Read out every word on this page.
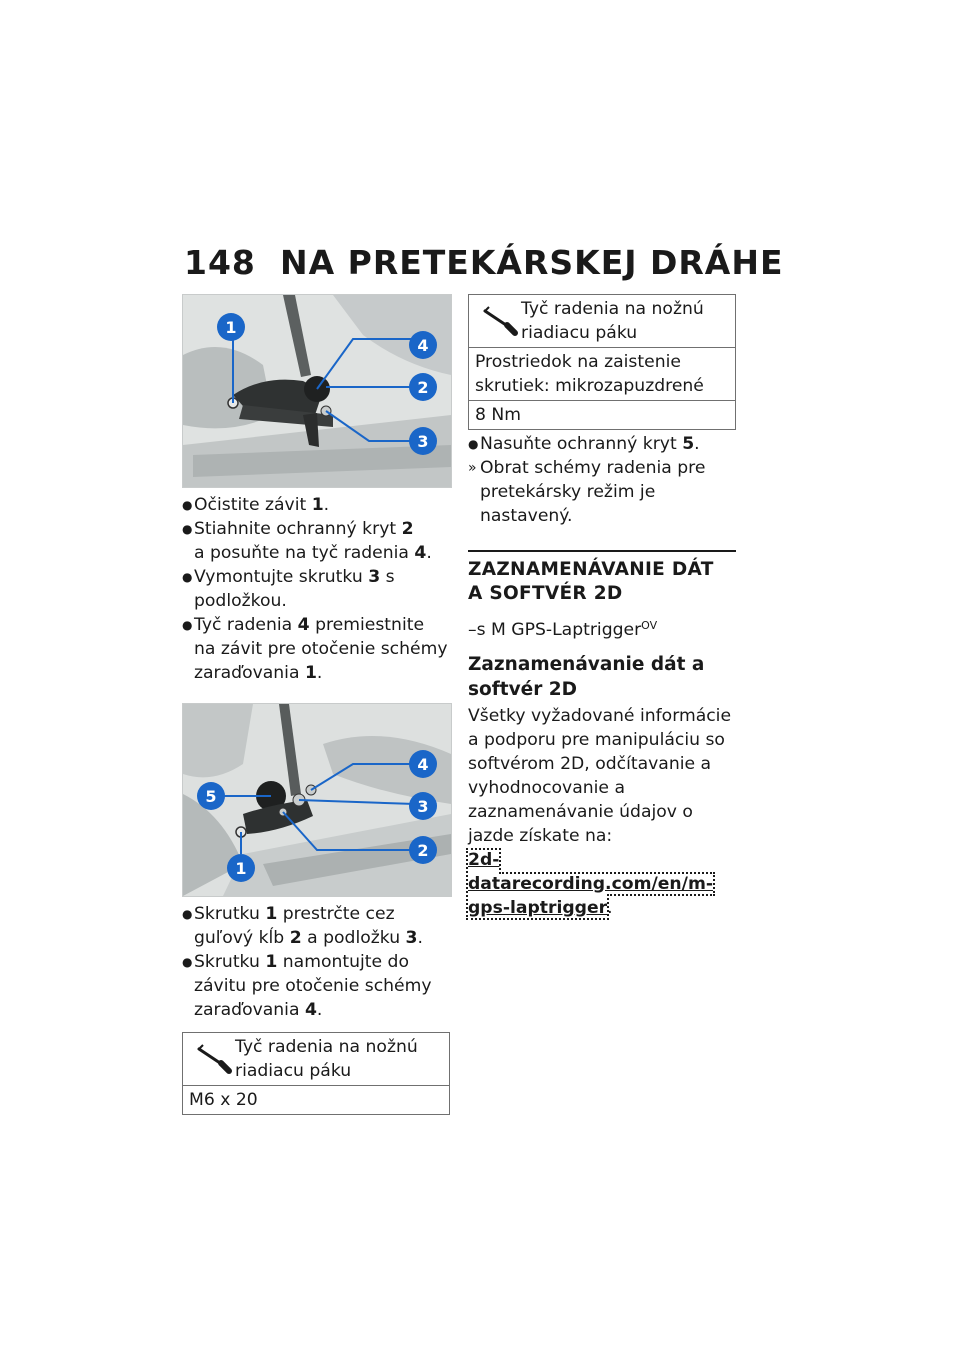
148 NA PRETEKÁRSKEJ DRÁHE
1
4
2
3
● Očistite závit 1.
● Stiahnite ochranný kryt 2
a posuňte na tyč radenia 4.
● Vymontujte skrutku 3 s podložkou.
● Tyč radenia 4 premiestnite na závit pre otočenie schémy zaraďovania 1.
5
4
3
1
2
● Skrutku 1 prestrčte cez guľový kĺb 2 a podložku 3.
● Skrutku 1 namontujte do závitu pre otočenie schémy zaraďovania 4.
Tyč radenia na nožnú riadiacu páku
M6 x 20
Tyč radenia na nožnú riadiacu páku
Prostriedok na zaistenie skrutiek: mikrozapuzdrené
8 Nm
● Nasuňte ochranný kryt 5.
» Obrat schémy radenia pre pretekársky režim je nastavený.
ZAZNAMENÁVANIE DÁT
A SOFTVÉR 2D
–s M GPS-Laptrigger$^{OV}$
Zaznamenávanie dát a softvér 2D
Všetky vyžadované informácie a podporu pre manipuláciu so softvérom 2D, odčítavanie a vyhodnocovanie a zaznamenávanie údajov o jazde získate na:
2d-datarecording.com/en/m-gps-laptrigger.
